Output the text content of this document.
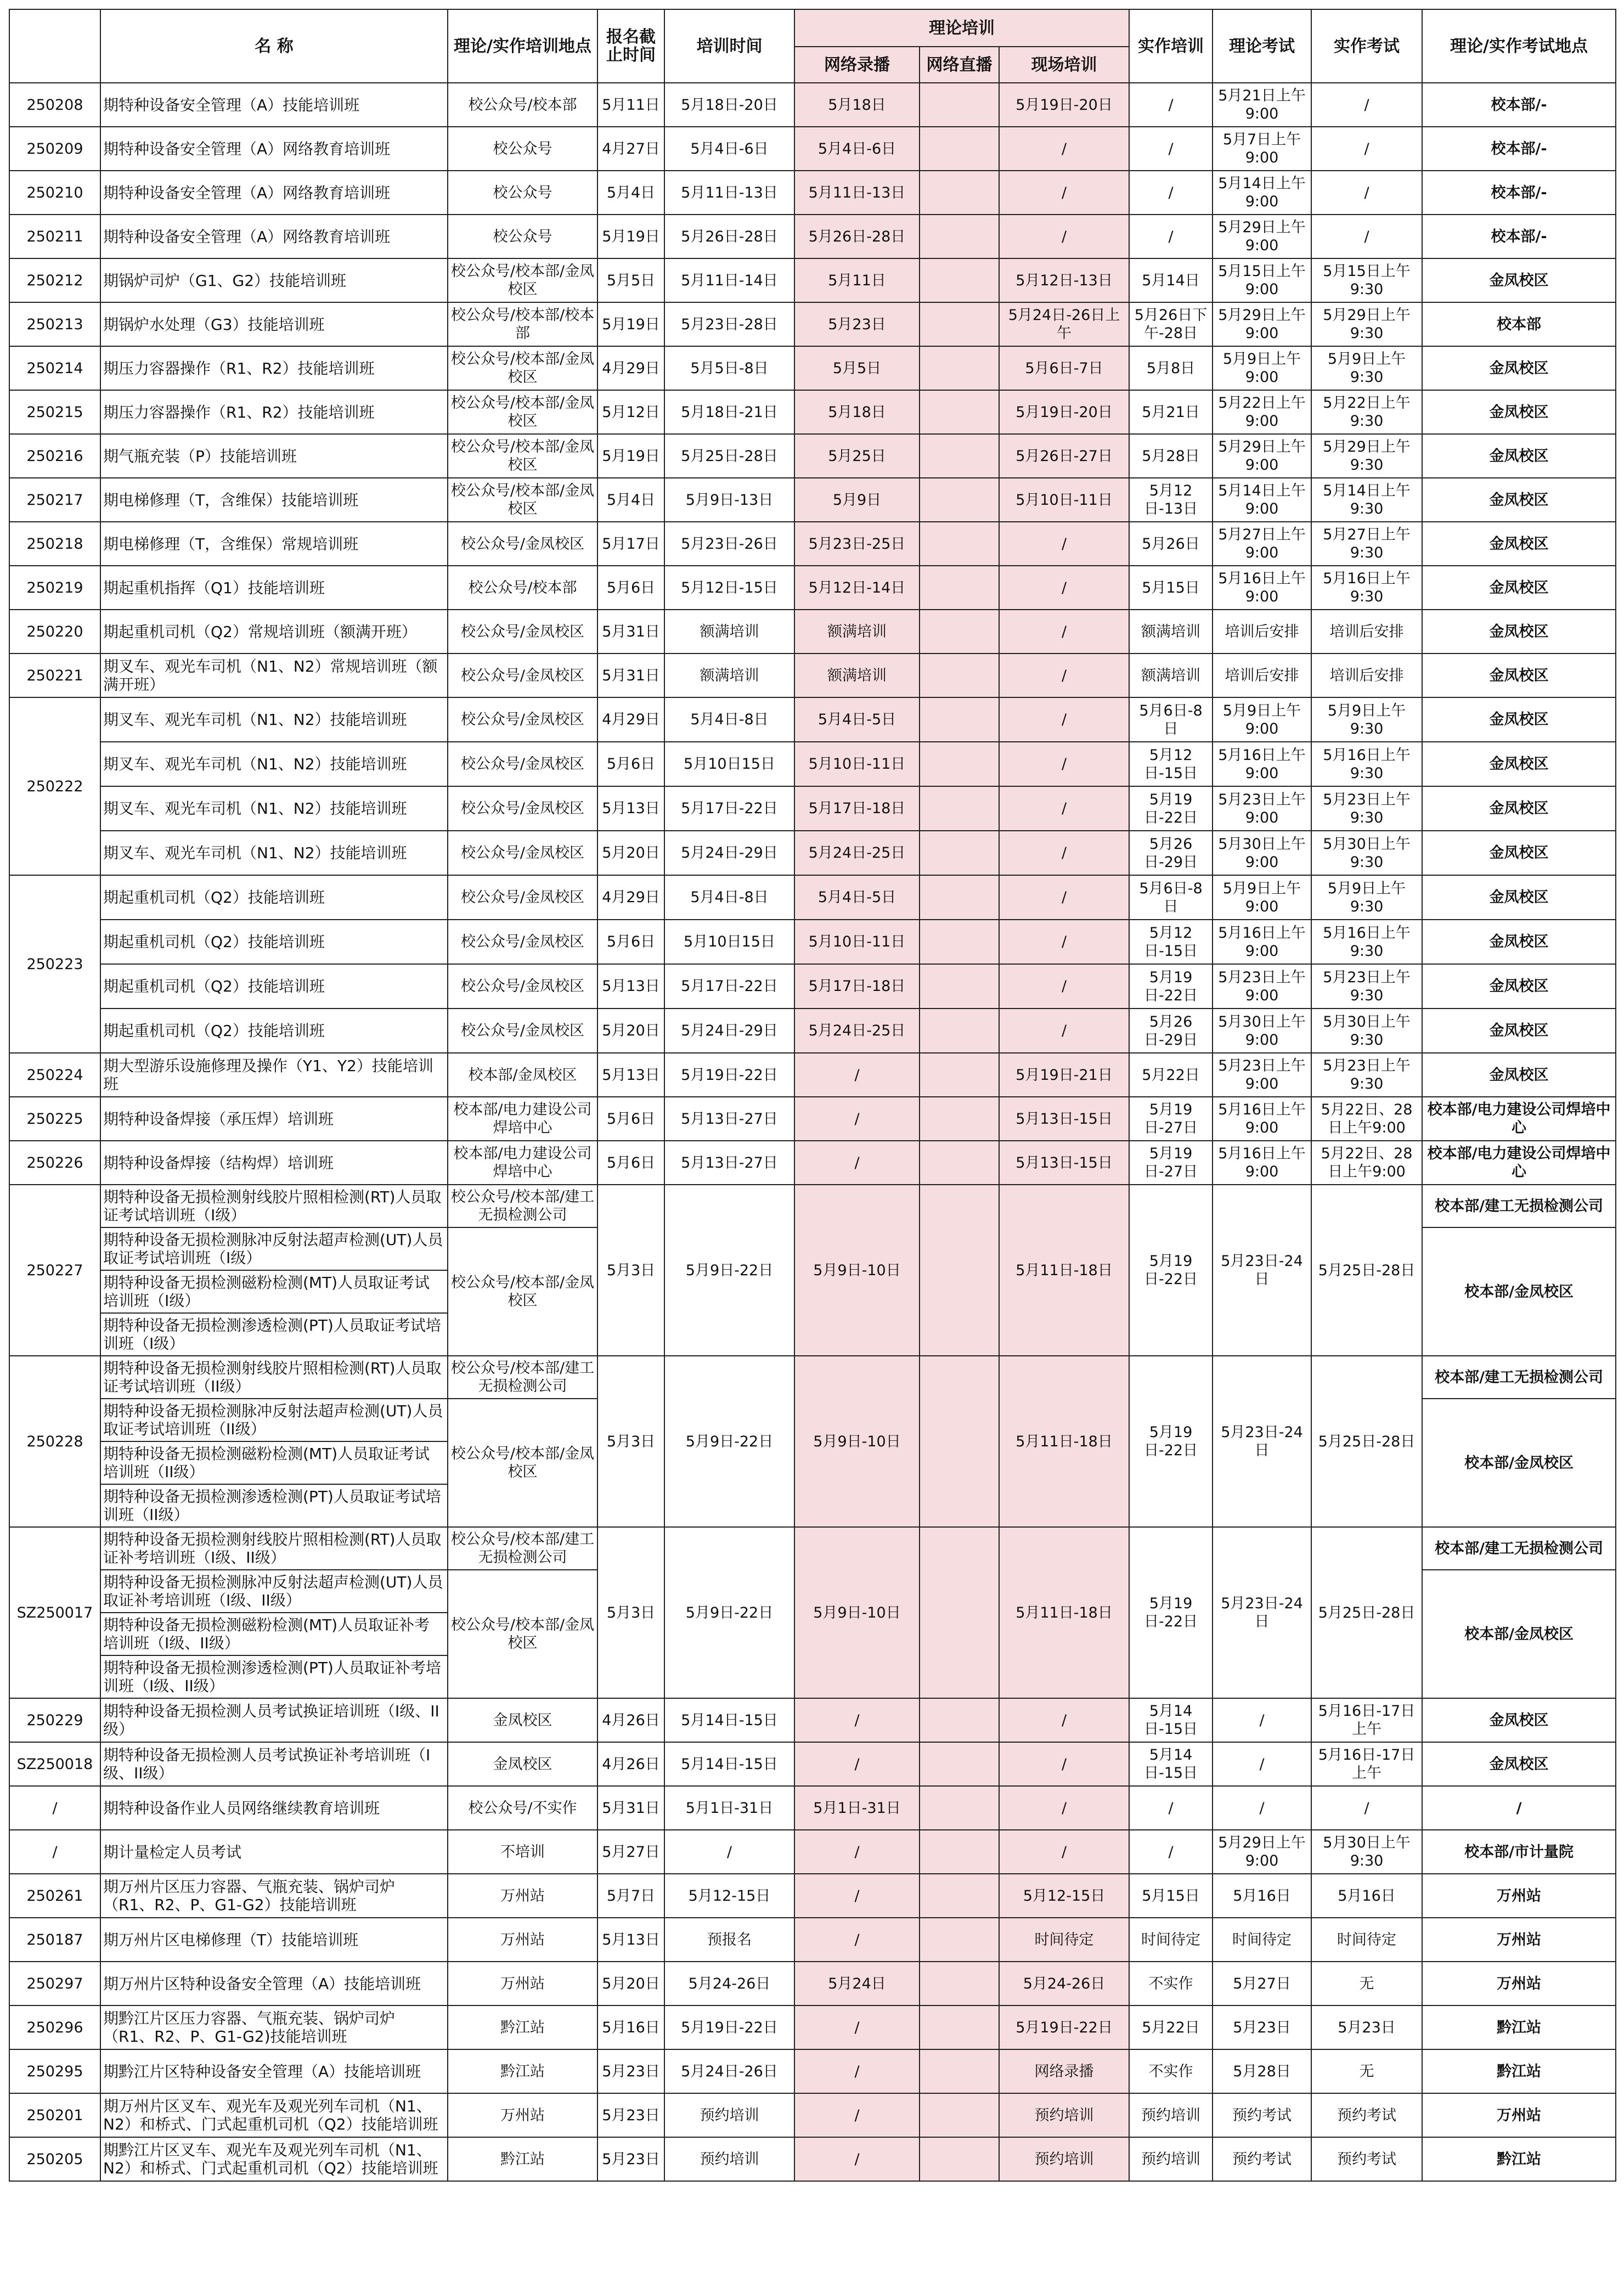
	名 称	理论/实作培训地点	报名截止时间	培训时间	理论培训			实作培训	理论考试	实作考试	理论/实作考试地点
					网络录播	网络直播	现场培训				
250208	期特种设备安全管理（A）技能培训班	校公众号/校本部	5月11日	5月18日-20日	5月18日		5月19日-20日	/	5月21日上午9:00	/	校本部/-
250209	期特种设备安全管理（A）网络教育培训班	校公众号	4月27日	5月4日-6日	5月4日-6日		/	/	5月7日上午9:00	/	校本部/-
250210	期特种设备安全管理（A）网络教育培训班	校公众号	5月4日	5月11日-13日	5月11日-13日		/	/	5月14日上午9:00	/	校本部/-
250211	期特种设备安全管理（A）网络教育培训班	校公众号	5月19日	5月26日-28日	5月26日-28日		/	/	5月29日上午9:00	/	校本部/-
250212	期锅炉司炉（G1、G2）技能培训班	校公众号/校本部/金凤校区	5月5日	5月11日-14日	5月11日		5月12日-13日	5月14日	5月15日上午9:00	5月15日上午9:30	金凤校区
250213	期锅炉水处理（G3）技能培训班	校公众号/校本部/校本部	5月19日	5月23日-28日	5月23日		5月24日-26日上午	5月26日下午-28日	5月29日上午9:00	5月29日上午9:30	校本部
250214	期压力容器操作（R1、R2）技能培训班	校公众号/校本部/金凤校区	4月29日	5月5日-8日	5月5日		5月6日-7日	5月8日	5月9日上午9:00	5月9日上午9:30	金凤校区
250215	期压力容器操作（R1、R2）技能培训班	校公众号/校本部/金凤校区	5月12日	5月18日-21日	5月18日		5月19日-20日	5月21日	5月22日上午9:00	5月22日上午9:30	金凤校区
250216	期气瓶充装（P）技能培训班	校公众号/校本部/金凤校区	5月19日	5月25日-28日	5月25日		5月26日-27日	5月28日	5月29日上午9:00	5月29日上午9:30	金凤校区
250217	期电梯修理（T，含维保）技能培训班	校公众号/校本部/金凤校区	5月4日	5月9日-13日	5月9日		5月10日-11日	5月12日-13日	5月14日上午9:00	5月14日上午9:30	金凤校区
250218	期电梯修理（T，含维保）常规培训班	校公众号/金凤校区	5月17日	5月23日-26日	5月23日-25日		/	5月26日	5月27日上午9:00	5月27日上午9:30	金凤校区
250219	期起重机指挥（Q1）技能培训班	校公众号/校本部	5月6日	5月12日-15日	5月12日-14日		/	5月15日	5月16日上午9:00	5月16日上午9:30	金凤校区
250220	期起重机司机（Q2）常规培训班（额满开班）	校公众号/金凤校区	5月31日	额满培训	额满培训		/	额满培训	培训后安排	培训后安排	金凤校区
250221	期叉车、观光车司机（N1、N2）常规培训班（额满开班）	校公众号/金凤校区	5月31日	额满培训	额满培训		/	额满培训	培训后安排	培训后安排	金凤校区
250222	期叉车、观光车司机（N1、N2）技能培训班	校公众号/金凤校区	4月29日	5月4日-8日	5月4日-5日		/	5月6日-8日	5月9日上午9:00	5月9日上午9:30	金凤校区
	期叉车、观光车司机（N1、N2）技能培训班	校公众号/金凤校区	5月6日	5月10日15日	5月10日-11日		/	5月12日-15日	5月16日上午9:00	5月16日上午9:30	金凤校区
	期叉车、观光车司机（N1、N2）技能培训班	校公众号/金凤校区	5月13日	5月17日-22日	5月17日-18日		/	5月19日-22日	5月23日上午9:00	5月23日上午9:30	金凤校区
	期叉车、观光车司机（N1、N2）技能培训班	校公众号/金凤校区	5月20日	5月24日-29日	5月24日-25日		/	5月26日-29日	5月30日上午9:00	5月30日上午9:30	金凤校区
250223	期起重机司机（Q2）技能培训班	校公众号/金凤校区	4月29日	5月4日-8日	5月4日-5日		/	5月6日-8日	5月9日上午9:00	5月9日上午9:30	金凤校区
	期起重机司机（Q2）技能培训班	校公众号/金凤校区	5月6日	5月10日15日	5月10日-11日		/	5月12日-15日	5月16日上午9:00	5月16日上午9:30	金凤校区
	期起重机司机（Q2）技能培训班	校公众号/金凤校区	5月13日	5月17日-22日	5月17日-18日		/	5月19日-22日	5月23日上午9:00	5月23日上午9:30	金凤校区
	期起重机司机（Q2）技能培训班	校公众号/金凤校区	5月20日	5月24日-29日	5月24日-25日		/	5月26日-29日	5月30日上午9:00	5月30日上午9:30	金凤校区
250224	期大型游乐设施修理及操作（Y1、Y2）技能培训班	校本部/金凤校区	5月13日	5月19日-22日	/		5月19日-21日	5月22日	5月23日上午9:00	5月23日上午9:30	金凤校区
250225	期特种设备焊接（承压焊）培训班	校本部/电力建设公司焊培中心	5月6日	5月13日-27日	/		5月13日-15日	5月19日-27日	5月16日上午9:00	5月22日、28日上午9:00	校本部/电力建设公司焊培中心
250226	期特种设备焊接（结构焊）培训班	校本部/电力建设公司焊培中心	5月6日	5月13日-27日	/		5月13日-15日	5月19日-27日	5月16日上午9:00	5月22日、28日上午9:00	校本部/电力建设公司焊培中心
250227	期特种设备无损检测射线胶片照相检测(RT)人员取证考试培训班（I级）	校公众号/校本部/建工无损检测公司	5月3日	5月9日-22日	5月9日-10日		5月11日-18日	5月19日-22日	5月23日-24日	5月25日-28日	校本部/建工无损检测公司
	期特种设备无损检测脉冲反射法超声检测(UT)人员取证考试培训班（I级）	校公众号/校本部/金凤校区									校本部/金凤校区
	期特种设备无损检测磁粉检测(MT)人员取证考试培训班（I级）										
	期特种设备无损检测渗透检测(PT)人员取证考试培训班（I级）										
250228	期特种设备无损检测射线胶片照相检测(RT)人员取证考试培训班（II级）	校公众号/校本部/建工无损检测公司	5月3日	5月9日-22日	5月9日-10日		5月11日-18日	5月19日-22日	5月23日-24日	5月25日-28日	校本部/建工无损检测公司
	期特种设备无损检测脉冲反射法超声检测(UT)人员取证考试培训班（II级）	校公众号/校本部/金凤校区									校本部/金凤校区
	期特种设备无损检测磁粉检测(MT)人员取证考试培训班（II级）										
	期特种设备无损检测渗透检测(PT)人员取证考试培训班（II级）										
SZ250017	期特种设备无损检测射线胶片照相检测(RT)人员取证补考培训班（I级、II级）	校公众号/校本部/建工无损检测公司	5月3日	5月9日-22日	5月9日-10日		5月11日-18日	5月19日-22日	5月23日-24日	5月25日-28日	校本部/建工无损检测公司
	期特种设备无损检测脉冲反射法超声检测(UT)人员取证补考培训班（I级、II级）	校公众号/校本部/金凤校区									校本部/金凤校区
	期特种设备无损检测磁粉检测(MT)人员取证补考培训班（I级、II级）										
	期特种设备无损检测渗透检测(PT)人员取证补考培训班（I级、II级）										
250229	期特种设备无损检测人员考试换证培训班（I级、II级）	金凤校区	4月26日	5月14日-15日	/		/	5月14日-15日	/	5月16日-17日上午	金凤校区
SZ250018	期特种设备无损检测人员考试换证补考培训班（I级、II级）	金凤校区	4月26日	5月14日-15日	/		/	5月14日-15日	/	5月16日-17日上午	金凤校区
/	期特种设备作业人员网络继续教育培训班	校公众号/不实作	5月31日	5月1日-31日	5月1日-31日		/	/	/	/	/
/	期计量检定人员考试	不培训	5月27日	/	/		/	/	5月29日上午9:00	5月30日上午9:30	校本部/市计量院
250261	期万州片区压力容器、气瓶充装、锅炉司炉（R1、R2、P、G1-G2）技能培训班	万州站	5月7日	5月12-15日	/		5月12-15日	5月15日	5月16日	5月16日	万州站
250187	期万州片区电梯修理（T）技能培训班	万州站	5月13日	预报名	/		时间待定	时间待定	时间待定	时间待定	万州站
250297	期万州片区特种设备安全管理（A）技能培训班	万州站	5月20日	5月24-26日	5月24日		5月24-26日	不实作	5月27日	无	万州站
250296	期黔江片区压力容器、气瓶充装、锅炉司炉（R1、R2、P、G1-G2)技能培训班	黔江站	5月16日	5月19日-22日	/		5月19日-22日	5月22日	5月23日	5月23日	黔江站
250295	期黔江片区特种设备安全管理（A）技能培训班	黔江站	5月23日	5月24日-26日	/		网络录播	不实作	5月28日	无	黔江站
250201	期万州片区叉车、观光车及观光列车司机（N1、N2）和桥式、门式起重机司机（Q2）技能培训班	万州站	5月23日	预约培训	/		预约培训	预约培训	预约考试	预约考试	万州站
250205	期黔江片区叉车、观光车及观光列车司机（N1、N2）和桥式、门式起重机司机（Q2）技能培训班	黔江站	5月23日	预约培训	/		预约培训	预约培训	预约考试	预约考试	黔江站
